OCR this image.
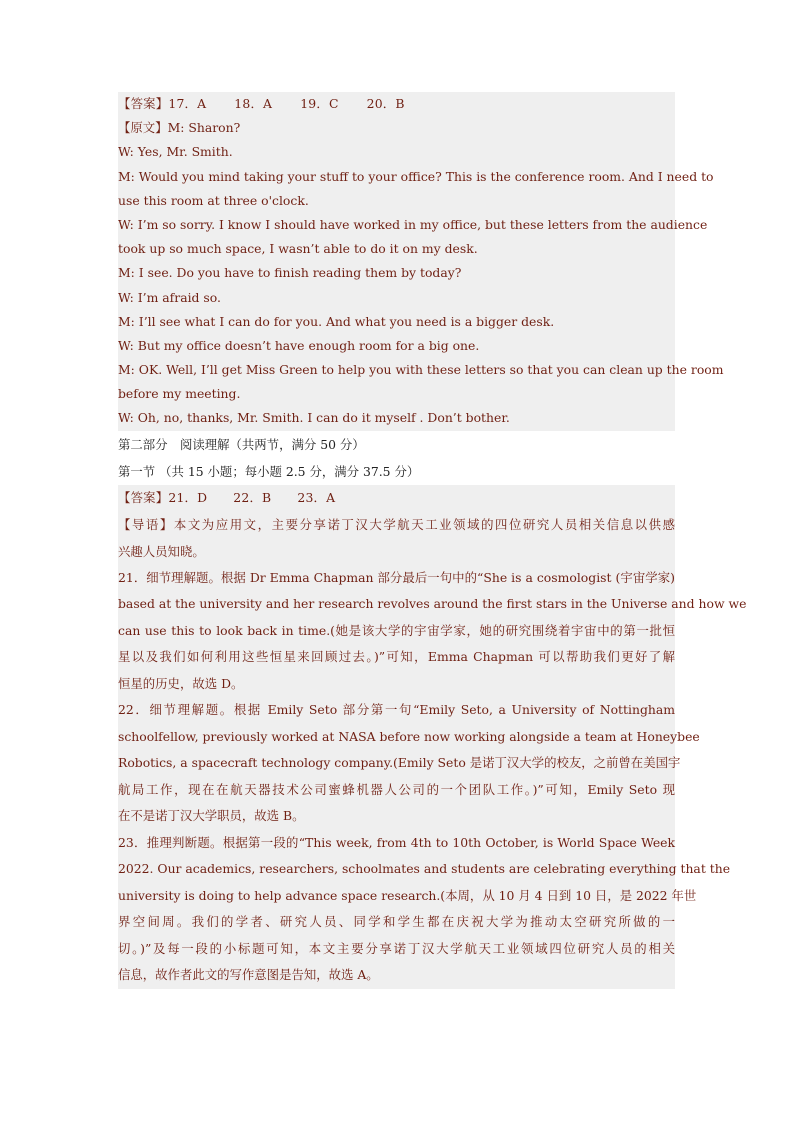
【答案】17．A 18．A 19．C 20．B
【原文】M: Sharon?
W: Yes, Mr. Smith.
M: Would you mind taking your stuff to your office? This is the conference room. And I need to
use this room at three o'clock.
W: I’m so sorry. I know I should have worked in my office, but these letters from the audience
took up so much space, I wasn’t able to do it on my desk.
M: I see. Do you have to finish reading them by today?
W: I’m afraid so.
M: I’ll see what I can do for you. And what you need is a bigger desk.
W: But my office doesn’t have enough room for a big one.
M: OK. Well, I’ll get Miss Green to help you with these letters so that you can clean up the room
before my meeting.
W: Oh, no, thanks, Mr. Smith. I can do it myself . Don’t bother.
第二部分　阅读理解（共两节，满分 50 分）
第一节 （共 15 小题；每小题 2.5 分，满分 37.5 分）
【答案】21．D 22．B 23．A
【导语】本文为应用文，主要分享诺丁汉大学航天工业领域的四位研究人员相关信息以供感
兴趣人员知晓。
21．细节理解题。根据 Dr Emma Chapman 部分最后一句中的“She is a cosmologist (宇宙学家)
based at the university and her research revolves around the first stars in the Universe and how we
can use this to look back in time.(她是该大学的宇宙学家，她的研究围绕着宇宙中的第一批恒
星以及我们如何利用这些恒星来回顾过去。)”可知，Emma Chapman 可以帮助我们更好了解
恒星的历史，故选 D。
22．细节理解题。根据 Emily Seto 部分第一句“Emily Seto, a University of Nottingham
schoolfellow, previously worked at NASA before now working alongside a team at Honeybee
Robotics, a spacecraft technology company.(Emily Seto 是诺丁汉大学的校友，之前曾在美国宇
航局工作，现在在航天器技术公司蜜蜂机器人公司的一个团队工作。)”可知，Emily Seto 现
在不是诺丁汉大学职员，故选 B。
23．推理判断题。根据第一段的“This week, from 4th to 10th October, is World Space Week
2022. Our academics, researchers, schoolmates and students are celebrating everything that the
university is doing to help advance space research.(本周，从 10 月 4 日到 10 日，是 2022 年世
界空间周。我们的学者、研究人员、同学和学生都在庆祝大学为推动太空研究所做的一
切。)”及每一段的小标题可知，本文主要分享诺丁汉大学航天工业领域四位研究人员的相关
信息，故作者此文的写作意图是告知，故选 A。
